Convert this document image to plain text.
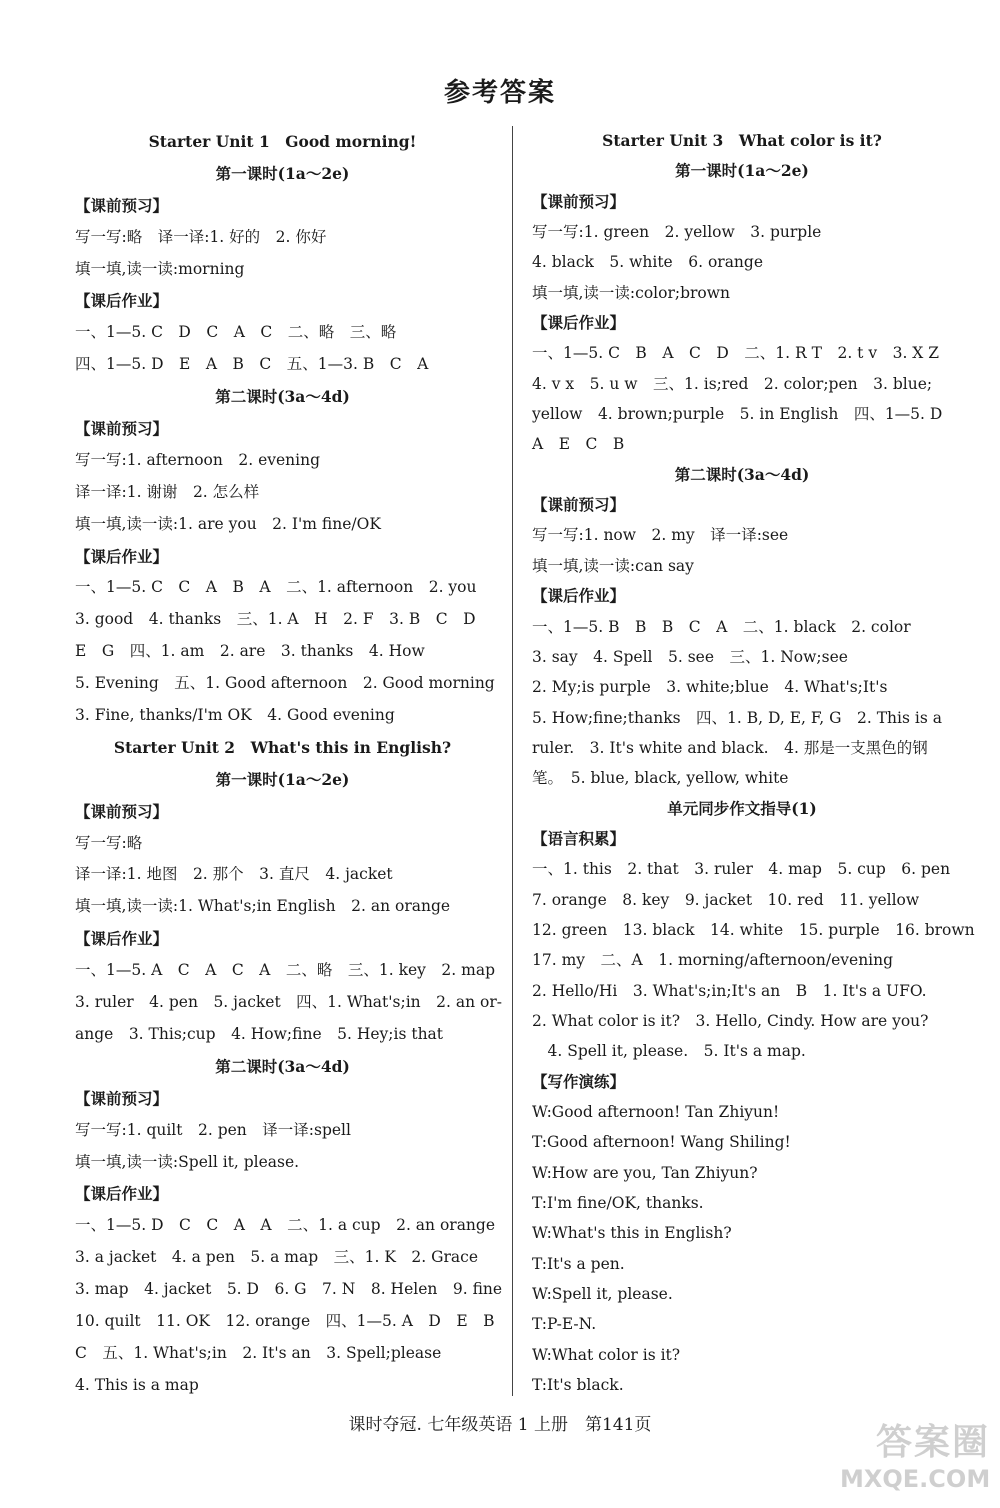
参考答案
Starter Unit 1　Good morning!
第一课时(1a～2e)
【课前预习】
写一写:略　译一译:1. 好的　2. 你好
填一填,读一读:morning
【课后作业】
一、1—5. C　D　C　A　C　二、略　三、略
四、1—5. D　E　A　B　C　五、1—3. B　C　A
第二课时(3a～4d)
【课前预习】
写一写:1. afternoon　2. evening
译一译:1. 谢谢　2. 怎么样
填一填,读一读:1. are you　2. I'm fine/OK
【课后作业】
一、1—5. C　C　A　B　A　二、1. afternoon　2. you
3. good　4. thanks　三、1. A　H　2. F　3. B　C　D
E　G　四、1. am　2. are　3. thanks　4. How
5. Evening　五、1. Good afternoon　2. Good morning
3. Fine, thanks/I'm OK　4. Good evening
Starter Unit 2　What's this in English?
第一课时(1a～2e)
【课前预习】
写一写:略
译一译:1. 地图　2. 那个　3. 直尺　4. jacket
填一填,读一读:1. What's;in English　2. an orange
【课后作业】
一、1—5. A　C　A　C　A　二、略　三、1. key　2. map
3. ruler　4. pen　5. jacket　四、1. What's;in　2. an or-
ange　3. This;cup　4. How;fine　5. Hey;is that
第二课时(3a～4d)
【课前预习】
写一写:1. quilt　2. pen　译一译:spell
填一填,读一读:Spell it, please.
【课后作业】
一、1—5. D　C　C　A　A　二、1. a cup　2. an orange
3. a jacket　4. a pen　5. a map　三、1. K　2. Grace
3. map　4. jacket　5. D　6. G　7. N　8. Helen　9. fine
10. quilt　11. OK　12. orange　四、1—5. A　D　E　B
C　五、1. What's;in　2. It's an　3. Spell;please
4. This is a map
Starter Unit 3　What color is it?
第一课时(1a～2e)
【课前预习】
写一写:1. green　2. yellow　3. purple
4. black　5. white　6. orange
填一填,读一读:color;brown
【课后作业】
一、1—5. C　B　A　C　D　二、1. R T　2. t v　3. X Z
4. v x　5. u w　三、1. is;red　2. color;pen　3. blue;
yellow　4. brown;purple　5. in English　四、1—5. D
A　E　C　B
第二课时(3a～4d)
【课前预习】
写一写:1. now　2. my　译一译:see
填一填,读一读:can say
【课后作业】
一、1—5. B　B　B　C　A　二、1. black　2. color
3. say　4. Spell　5. see　三、1. Now;see
2. My;is purple　3. white;blue　4. What's;It's
5. How;fine;thanks　四、1. B, D, E, F, G　2. This is a
ruler.　3. It's white and black.　4. 那是一支黑色的钢
笔。　5. blue, black, yellow, white
单元同步作文指导(1)
【语言积累】
一、1. this　2. that　3. ruler　4. map　5. cup　6. pen
7. orange　8. key　9. jacket　10. red　11. yellow
12. green　13. black　14. white　15. purple　16. brown
17. my　二、A　1. morning/afternoon/evening
2. Hello/Hi　3. What's;in;It's an　B　1. It's a UFO.
2. What color is it?　3. Hello, Cindy. How are you?
　4. Spell it, please.　5. It's a map.
【写作演练】
W:Good afternoon! Tan Zhiyun!
T:Good afternoon! Wang Shiling!
W:How are you, Tan Zhiyun?
T:I'm fine/OK, thanks.
W:What's this in English?
T:It's a pen.
W:Spell it, please.
T:P-E-N.
W:What color is it?
T:It's black.
课时夺冠. 七年级英语 1 上册　第141页	答案圈
MXQE.COM
